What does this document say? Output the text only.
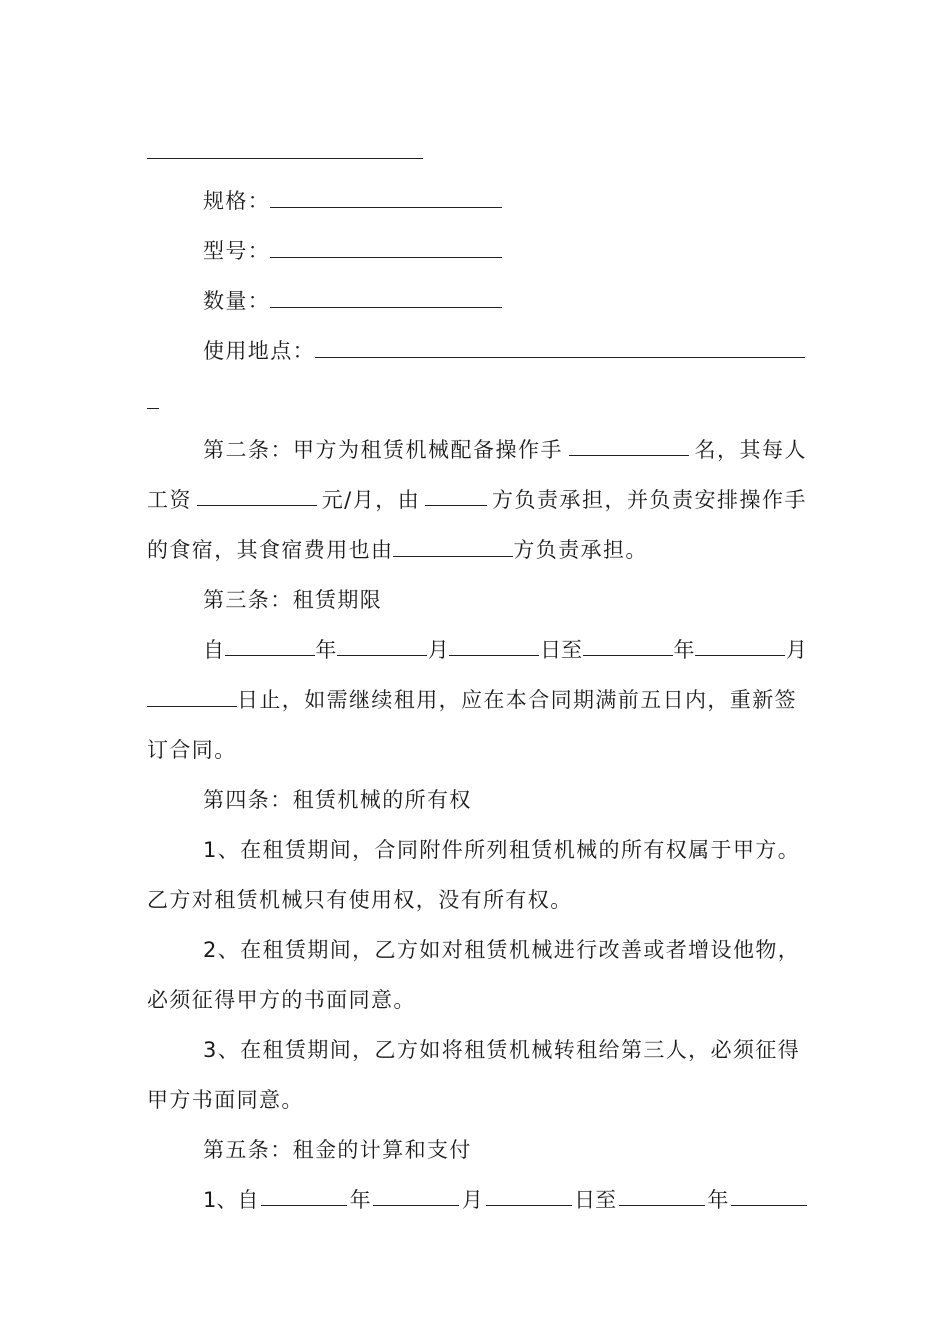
规格：
型号：
数量：
使用地点：
第二条：甲方为租赁机械配备操作手	名，其每人
工资	元/月，由	方负责承担，并负责安排操作手
的食宿，其食宿费用也由	方负责承担。
第三条：租赁期限
自	年	月	日至	年	月
日止，如需继续租用，应在本合同期满前五日内，重新签
订合同。
第四条：租赁机械的所有权
1、在租赁期间，合同附件所列租赁机械的所有权属于甲方。
乙方对租赁机械只有使用权，没有所有权。
2、在租赁期间，乙方如对租赁机械进行改善或者增设他物，
必须征得甲方的书面同意。
3、在租赁期间，乙方如将租赁机械转租给第三人，必须征得
甲方书面同意。
第五条：租金的计算和支付
1、自	年	月	日至	年
